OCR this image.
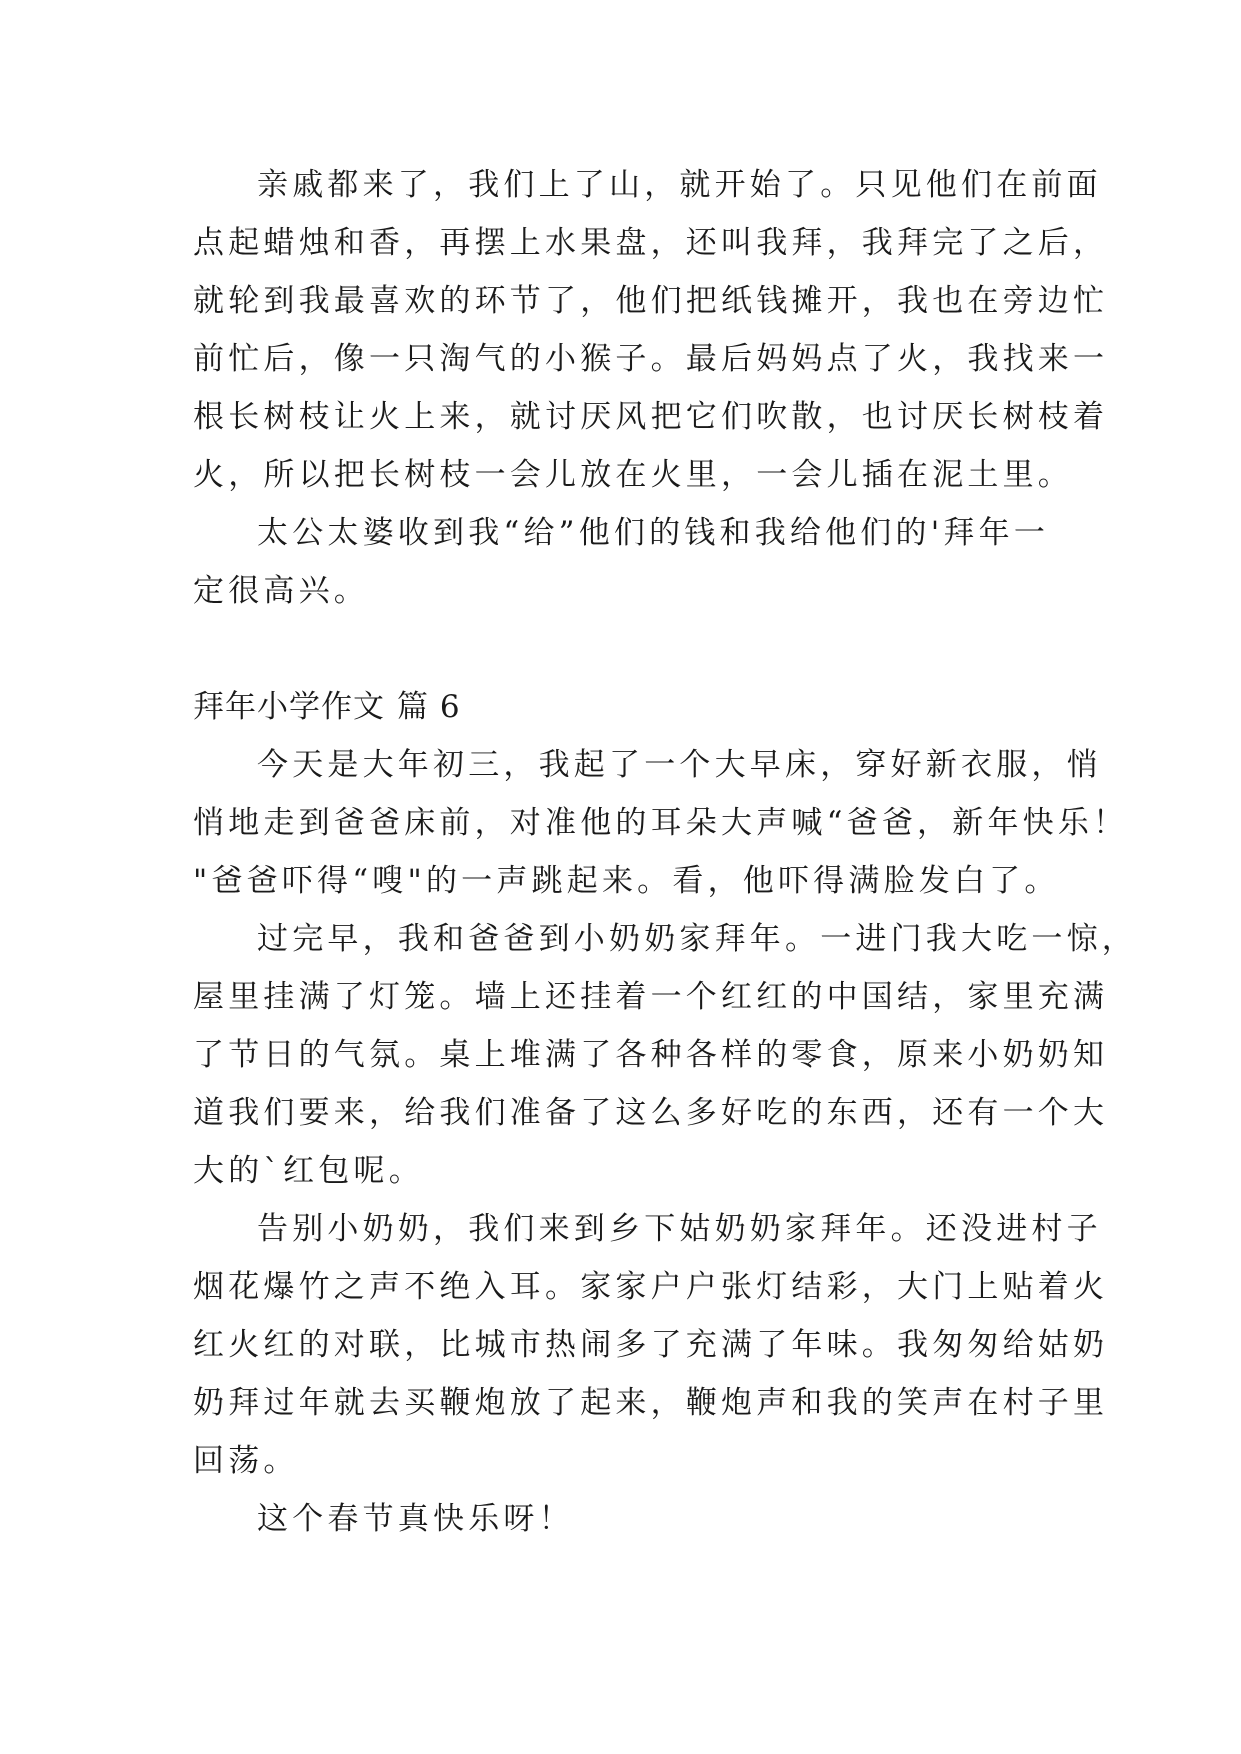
亲戚都来了，我们上了山，就开始了。只见他们在前面
点起蜡烛和香，再摆上水果盘，还叫我拜，我拜完了之后，
就轮到我最喜欢的环节了，他们把纸钱摊开，我也在旁边忙
前忙后，像一只淘气的小猴子。最后妈妈点了火，我找来一
根长树枝让火上来，就讨厌风把它们吹散，也讨厌长树枝着
火，所以把长树枝一会儿放在火里，一会儿插在泥土里。
太公太婆收到我“给”他们的钱和我给他们的'拜年一
定很高兴。
拜年小学作文 篇 6
今天是大年初三，我起了一个大早床，穿好新衣服，悄
悄地走到爸爸床前，对准他的耳朵大声喊“爸爸，新年快乐！
"爸爸吓得“嗖"的一声跳起来。看，他吓得满脸发白了。
过完早，我和爸爸到小奶奶家拜年。一进门我大吃一惊，
屋里挂满了灯笼。墙上还挂着一个红红的中国结，家里充满
了节日的气氛。桌上堆满了各种各样的零食，原来小奶奶知
道我们要来，给我们准备了这么多好吃的东西，还有一个大
大的`红包呢。
告别小奶奶，我们来到乡下姑奶奶家拜年。还没进村子
烟花爆竹之声不绝入耳。家家户户张灯结彩，大门上贴着火
红火红的对联，比城市热闹多了充满了年味。我匆匆给姑奶
奶拜过年就去买鞭炮放了起来，鞭炮声和我的笑声在村子里
回荡。
这个春节真快乐呀！
